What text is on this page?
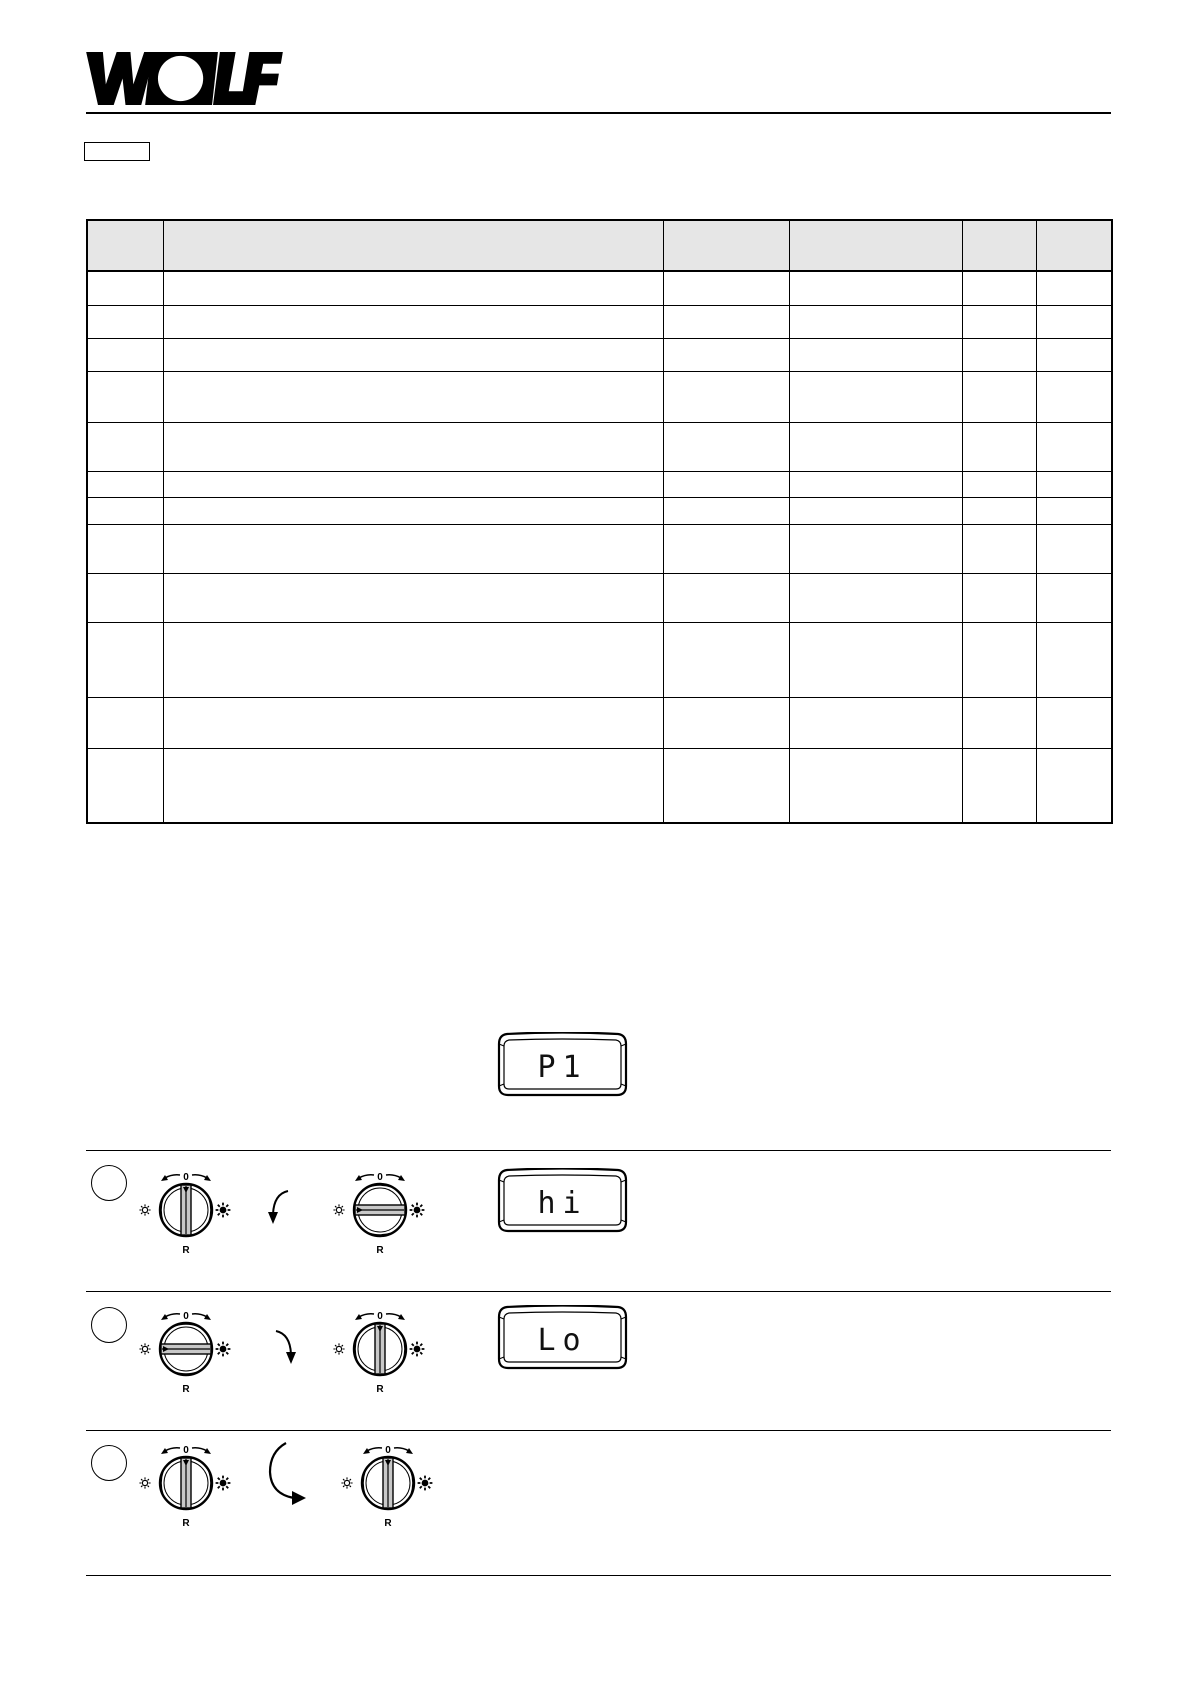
P1
0
R
0
R
hi
0
R
0
R
Lo
0
R
0
R
